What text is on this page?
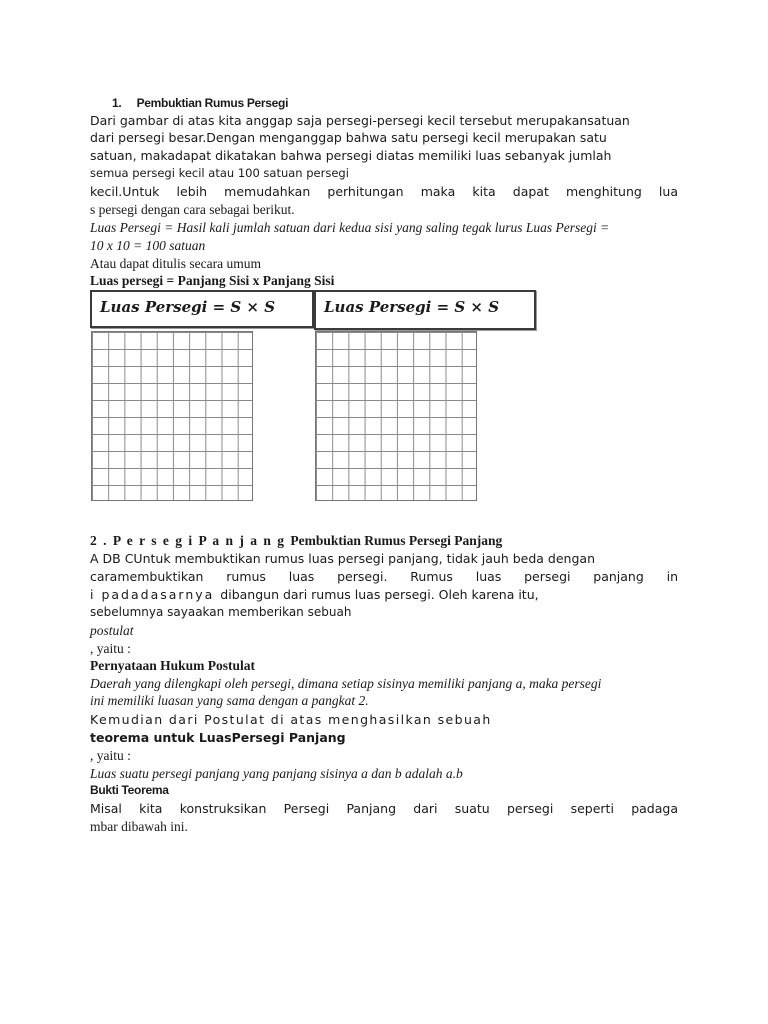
1. Pembuktian Rumus Persegi

Dari gambar di atas kita anggap saja persegi-persegi kecil tersebut merupakansatuan

dari persegi besar.Dengan menganggap bahwa satu persegi kecil merupakan satu

satuan, makadapat dikatakan bahwa persegi diatas memiliki luas sebanyak jumlah

semua persegi kecil atau 100 satuan persegi

kecil.Untuk lebih memudahkan perhitungan maka kita dapat menghitung lua

s persegi dengan cara sebagai berikut.

Luas Persegi = Hasil kali jumlah satuan dari kedua sisi yang saling tegak lurus Luas Persegi =

10 x 10 = 100 satuan

Atau dapat ditulis secara umum

Luas persegi = Panjang Sisi x Panjang Sisi

Luas Persegi = S × S	Luas Persegi = S × S

2 . P e r s e g i P a n j a n g Pembuktian Rumus Persegi Panjang

A DB CUntuk membuktikan rumus luas persegi panjang, tidak jauh beda dengan

caramembuktikan rumus luas persegi. Rumus luas persegi panjang in

i padadasarnya dibangun dari rumus luas persegi. Oleh karena itu,

sebelumnya sayaakan memberikan sebuah

postulat

, yaitu :

Pernyataan Hukum Postulat

Daerah yang dilengkapi oleh persegi, dimana setiap sisinya memiliki panjang a, maka persegi

ini memiliki luasan yang sama dengan a pangkat 2.

Kemudian dari Postulat di atas menghasilkan sebuah

teorema untuk LuasPersegi Panjang

, yaitu :

Luas suatu persegi panjang yang panjang sisinya a dan b adalah a.b

Bukti Teorema

Misal kita konstruksikan Persegi Panjang dari suatu persegi seperti padaga

mbar dibawah ini.
